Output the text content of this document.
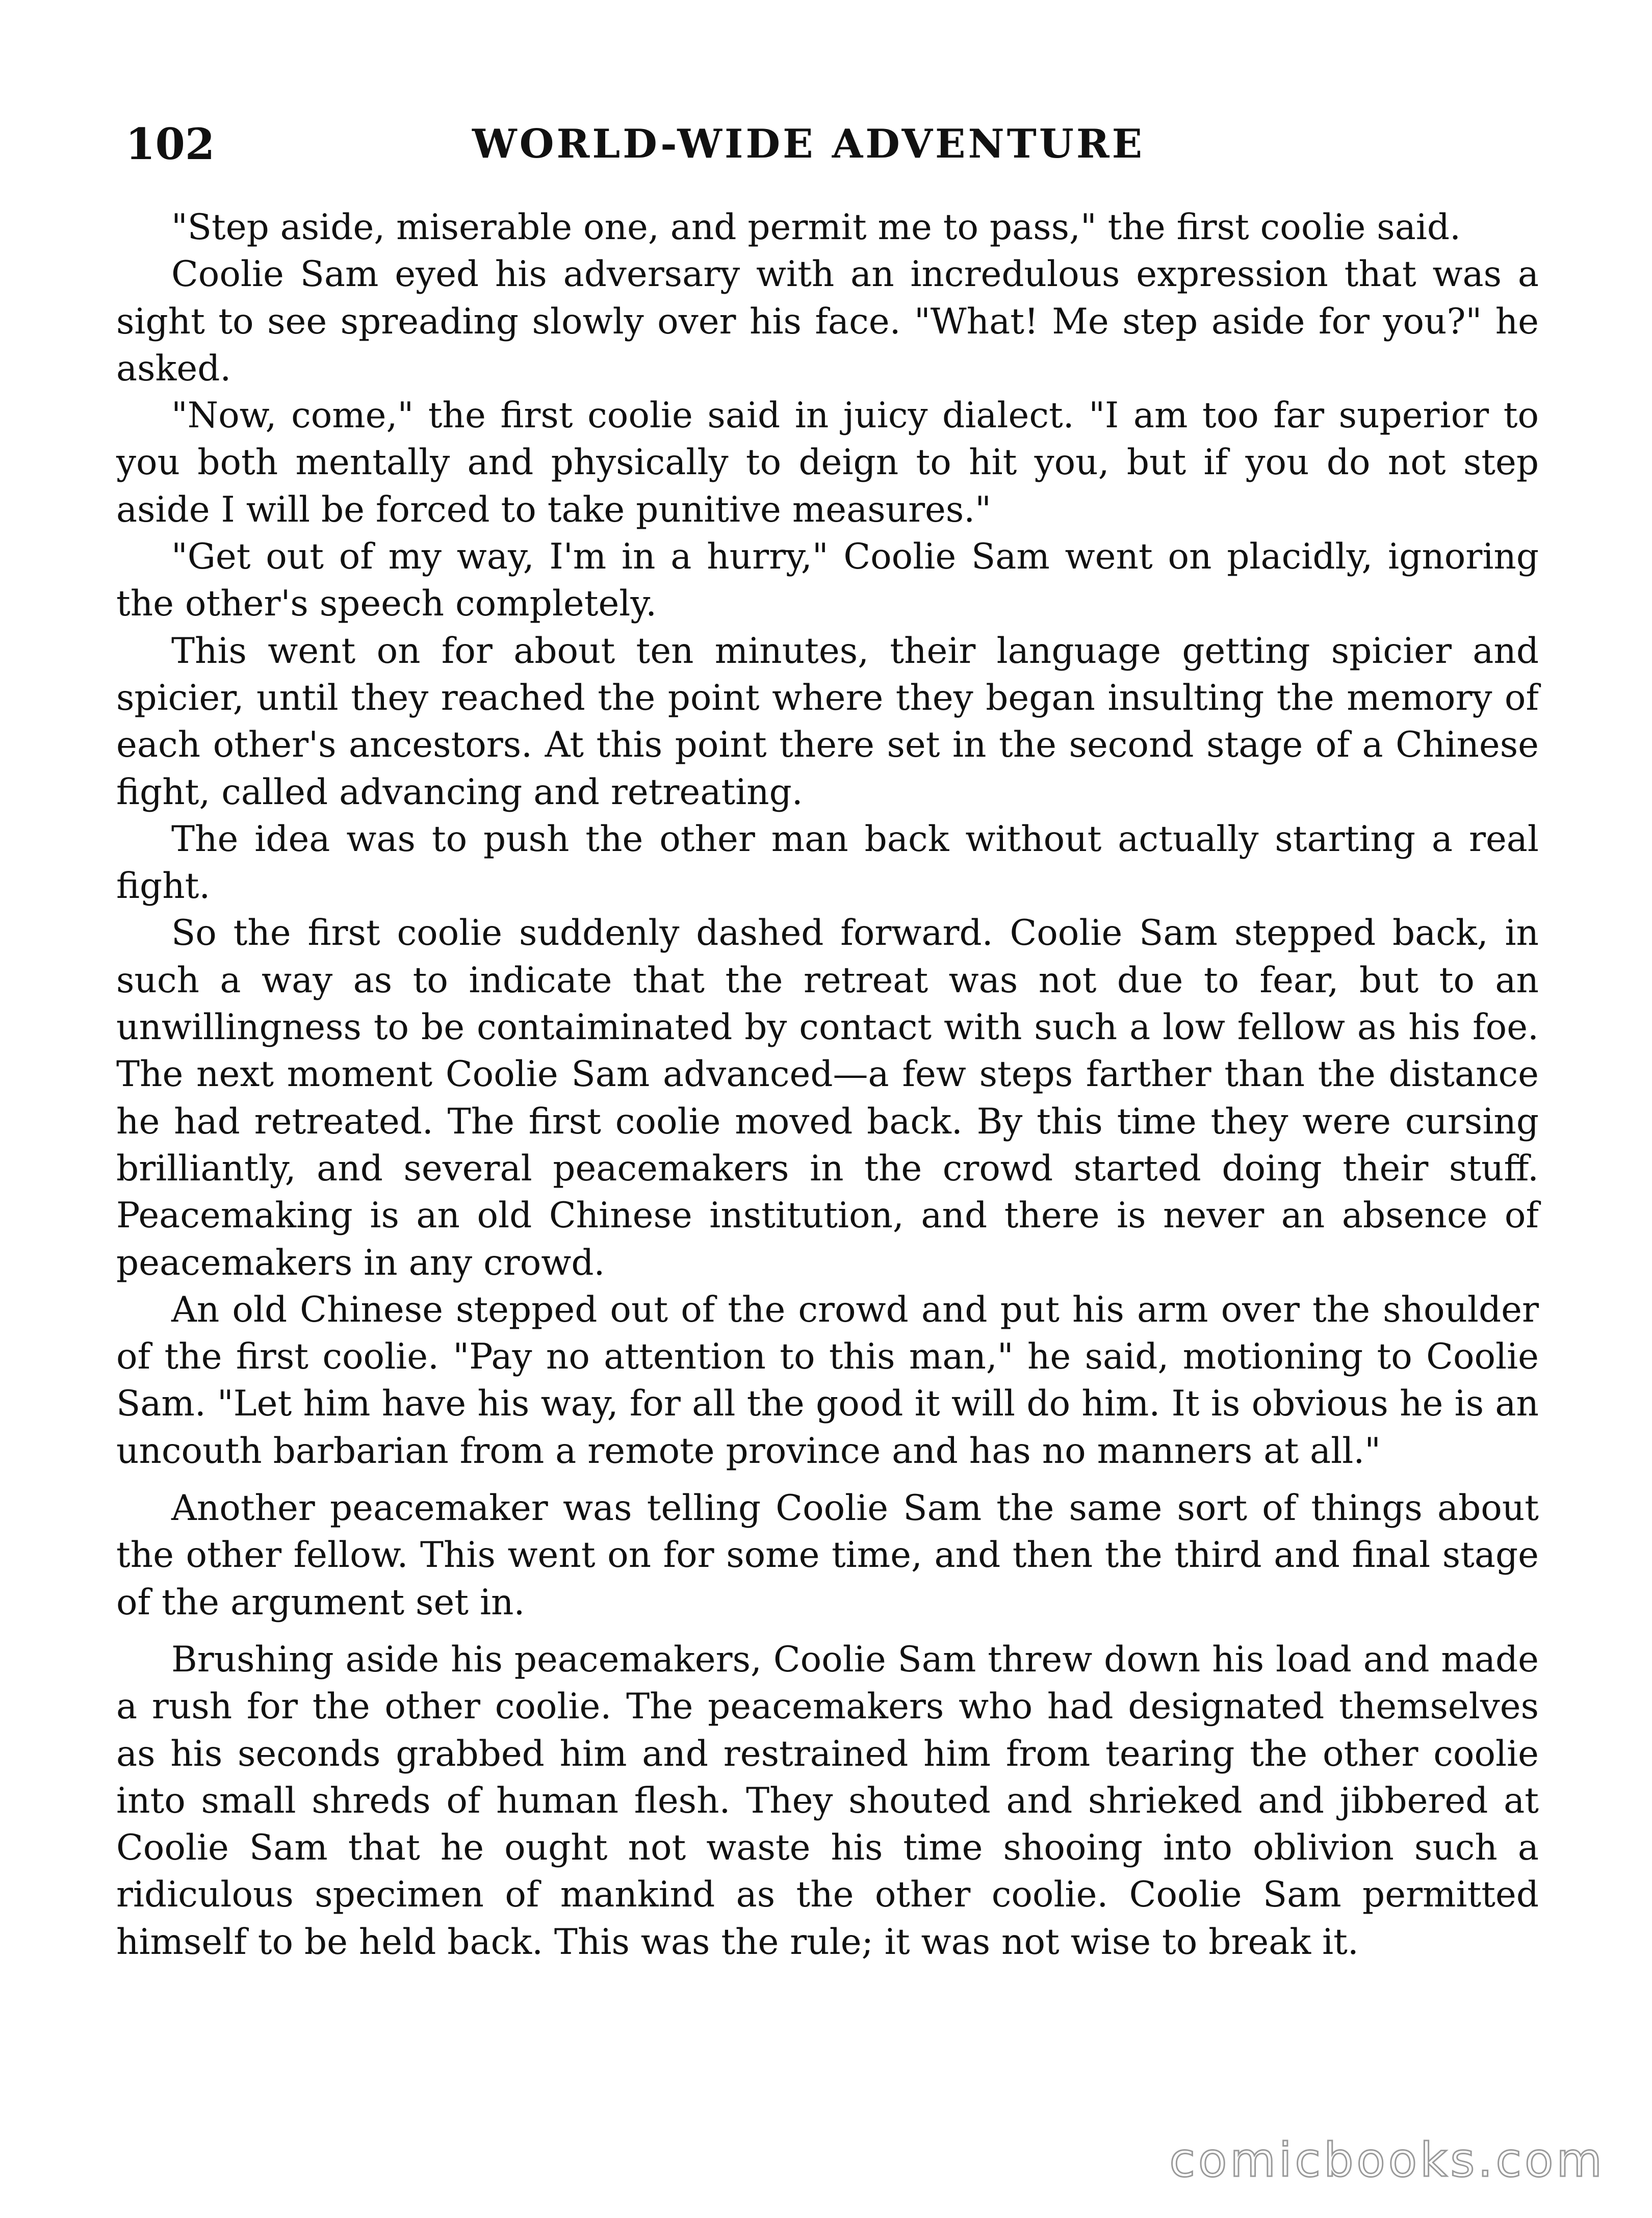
102	WORLD-WIDE ADVENTURE

"Step aside, miserable one, and permit me to pass," the first coolie said.

Coolie Sam eyed his adversary with an incredulous expression that was a sight to see spreading slowly over his face. "What! Me step aside for you?" he asked.

"Now, come," the first coolie said in juicy dialect. "I am too far superior to you both mentally and physically to deign to hit you, but if you do not step aside I will be forced to take punitive measures."

"Get out of my way, I'm in a hurry," Coolie Sam went on placidly, ignoring the other's speech completely.

This went on for about ten minutes, their language getting spicier and spicier, until they reached the point where they began insulting the memory of each other's ancestors. At this point there set in the second stage of a Chinese fight, called advancing and retreating.

The idea was to push the other man back without actually starting a real fight.

So the first coolie suddenly dashed forward. Coolie Sam stepped back, in such a way as to indicate that the retreat was not due to fear, but to an unwillingness to be contaiminated by contact with such a low fellow as his foe. The next moment Coolie Sam advanced—a few steps farther than the distance he had retreated. The first coolie moved back. By this time they were cursing brilliantly, and several peacemakers in the crowd started doing their stuff. Peacemaking is an old Chinese institution, and there is never an absence of peacemakers in any crowd.

An old Chinese stepped out of the crowd and put his arm over the shoulder of the first coolie. "Pay no attention to this man," he said, motioning to Coolie Sam. "Let him have his way, for all the good it will do him. It is obvious he is an uncouth barbarian from a remote province and has no manners at all."

Another peacemaker was telling Coolie Sam the same sort of things about the other fellow. This went on for some time, and then the third and final stage of the argument set in.

Brushing aside his peacemakers, Coolie Sam threw down his load and made a rush for the other coolie. The peacemakers who had designated themselves as his seconds grabbed him and restrained him from tearing the other coolie into small shreds of human flesh. They shouted and shrieked and jibbered at Coolie Sam that he ought not waste his time shooing into oblivion such a ridiculous specimen of mankind as the other coolie. Coolie Sam permitted himself to be held back. This was the rule; it was not wise to break it.

comicbooks.com
